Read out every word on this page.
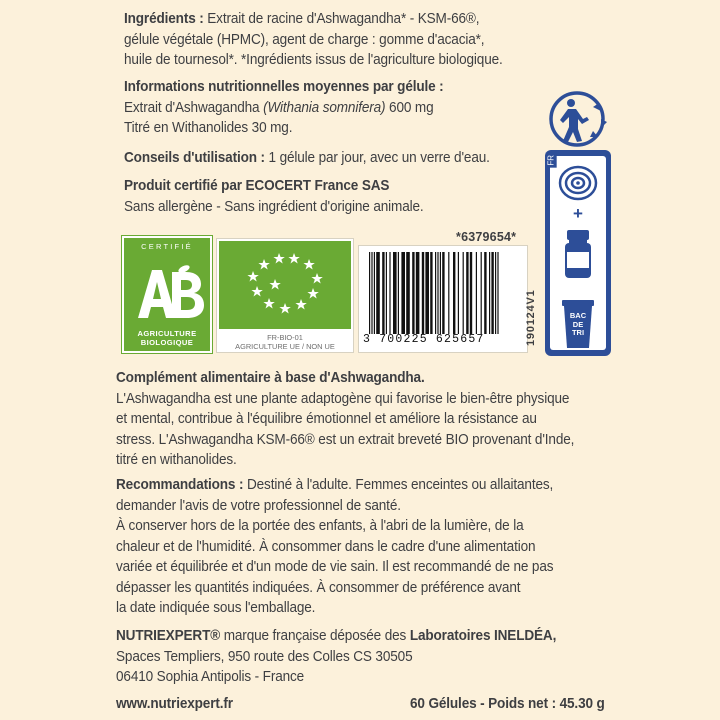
Ingrédients : Extrait de racine d'Ashwagandha* - KSM-66®,

gélule végétale (HPMC), agent de charge : gomme d'acacia*,

huile de tournesol*. *Ingrédients issus de l'agriculture biologique.

Informations nutritionnelles moyennes par gélule :

Extrait d'Ashwagandha (Withania somnifera) 600 mg

Titré en Withanolides 30 mg.

Conseils d'utilisation : 1 gélule par jour, avec un verre d'eau.

Produit certifié par ECOCERT France SAS

Sans allergène - Sans ingrédient d'origine animale.

CERTIFIÉ
AGRICULTURE
BIOLOGIQUE
FR-BIO-01
AGRICULTURE UE / NON UE
*6379654*
3 700225 625657	190124V1
+
BAC
DE
TRI
FR

Complément alimentaire à base d'Ashwagandha.

L'Ashwagandha est une plante adaptogène qui favorise le bien-être physique

et mental, contribue à l'équilibre émotionnel et améliore la résistance au

stress. L'Ashwagandha KSM-66® est un extrait breveté BIO provenant d'Inde,

titré en withanolides.

Recommandations : Destiné à l'adulte. Femmes enceintes ou allaitantes,

demander l'avis de votre professionnel de santé.

À conserver hors de la portée des enfants, à l'abri de la lumière, de la

chaleur et de l'humidité. À consommer dans le cadre d'une alimentation

variée et équilibrée et d'un mode de vie sain. Il est recommandé de ne pas

dépasser les quantités indiquées. À consommer de préférence avant

la date indiquée sous l'emballage.

NUTRIEXPERT® marque française déposée des Laboratoires INELDÉA,

Spaces Templiers, 950 route des Colles CS 30505

06410 Sophia Antipolis - France

www.nutriexpert.fr	60 Gélules - Poids net : 45.30 g
